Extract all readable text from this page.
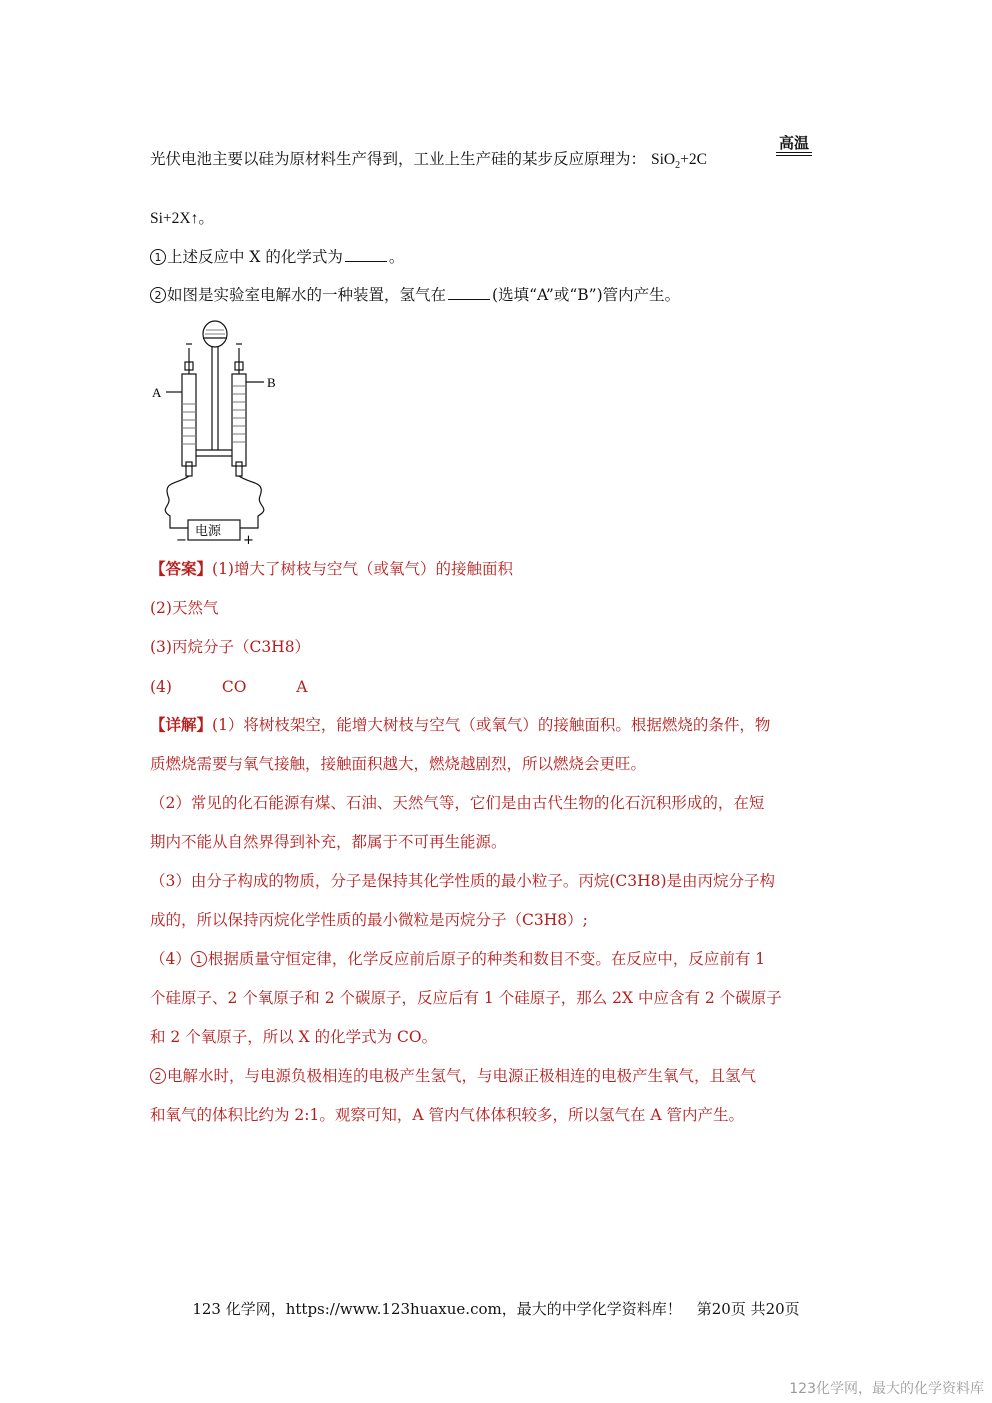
光伏电池主要以硅为原材料生产得到，工业上生产硅的某步反应原理为： SiO$_2$+2C
高温
Si+2X↑。
1 上述反应中 X 的化学式为	。
2 如图是实验室电解水的一种装置，氢气在	(选填“A”或“B”)管内产生。
A
B
电源
−	+
【答案】(1)增大了树枝与空气（或氧气）的接触面积
(2)天然气
(3)丙烷分子（C3H8）
(4)	CO	A
【详解】(1）将树枝架空，能增大树枝与空气（或氧气）的接触面积。根据燃烧的条件，物
质燃烧需要与氧气接触，接触面积越大，燃烧越剧烈，所以燃烧会更旺。
（2）常见的化石能源有煤、石油、天然气等，它们是由古代生物的化石沉积形成的，在短
期内不能从自然界得到补充，都属于不可再生能源。
（3）由分子构成的物质，分子是保持其化学性质的最小粒子。丙烷(C3H8)是由丙烷分子构
成的，所以保持丙烷化学性质的最小微粒是丙烷分子（C3H8）;
（4） 1 根据质量守恒定律，化学反应前后原子的种类和数目不变。在反应中，反应前有 1
个硅原子、2 个氧原子和 2 个碳原子，反应后有 1 个硅原子，那么 2X 中应含有 2 个碳原子
和 2 个氧原子，所以 X 的化学式为 CO。
2 电解水时，与电源负极相连的电极产生氢气，与电源正极相连的电极产生氧气，且氢气
和氧气的体积比约为 2:1。观察可知，A 管内气体体积较多，所以氢气在 A 管内产生。
123 化学网，https://www.123huaxue.com，最大的中学化学资料库！　第20页 共20页
123化学网，最大的化学资料库
